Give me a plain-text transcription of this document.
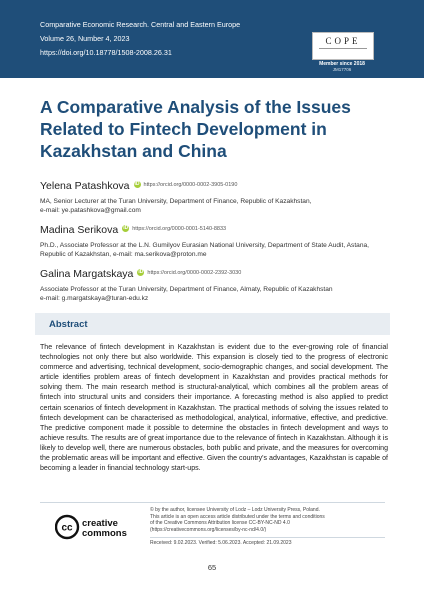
Comparative Economic Research. Central and Eastern Europe
Volume 26, Number 4, 2023
https://doi.org/10.18778/1508-2008.26.31
COPE
Member since 2018
JM17706
A Comparative Analysis of the Issues Related to Fintech Development in Kazakhstan and China
Yelena Patashkova iD https://orcid.org/0000-0002-3905-0190
MA, Senior Lecturer at the Turan University, Department of Finance, Republic of Kazakhstan,
e-mail: ye.patashkova@gmail.com
Madina Serikova iD https://orcid.org/0000-0001-5140-8833
Ph.D., Associate Professor at the L.N. Gumilyov Eurasian National University, Department of State Audit, Astana,
Republic of Kazakhstan, e-mail: ma.serikova@proton.me
Galina Margatskaya iD https://orcid.org/0000-0002-2392-3030
Associate Professor at the Turan University, Department of Finance, Almaty, Republic of Kazakhstan
e-mail: g.margatskaya@turan-edu.kz
Abstract
The relevance of fintech development in Kazakhstan is evident due to the ever-growing role of financial technologies not only there but also worldwide. This expansion is closely tied to the progress of electronic commerce and advertising, technical development, socio-demographic changes, and social development. The article identifies problem areas of fintech development in Kazakhstan and provides practical methods for solving them. The main research method is structural-analytical, which combines all the problem areas of fintech into structural units and considers their importance. A forecasting method is also applied to predict certain scenarios of fintech development in Kazakhstan. The practical methods of solving the issues related to fintech development can be characterised as methodological, analytical, informative, effective, and predictive. The predictive component made it possible to determine the obstacles in fintech development and ways to achieve results. The results are of great importance due to the relevance of fintech in Kazakhstan. Although it is likely to develop well, there are numerous obstacles, both public and private, and the measures for overcoming the problematic areas will be important and effective. Given the country's advantages, Kazakhstan is capable of becoming a leader in financial technology start-ups.
cc creative
commons
© by the author, licensee University of Lodz – Lodz University Press, Poland.
This article is an open access article distributed under the terms and conditions
of the Creative Commons Attribution license CC-BY-NC-ND 4.0
(https://creativecommons.org/licenses/by-nc-nd/4.0/)
Received: 9.02.2023. Verified: 5.06.2023. Accepted: 21.09.2023
65
